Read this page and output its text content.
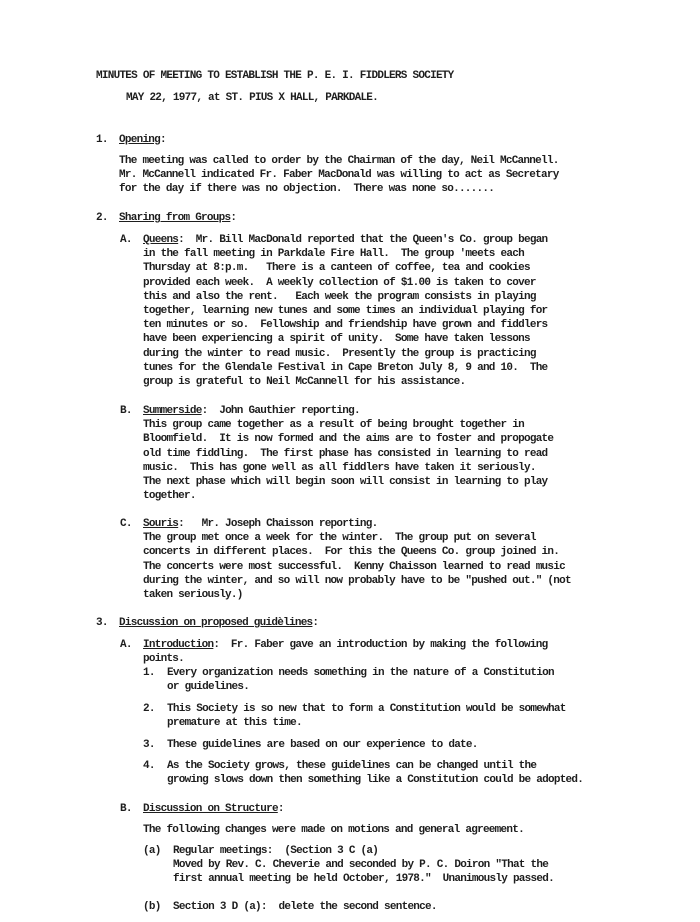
MINUTES OF MEETING TO ESTABLISH THE P. E. I. FIDDLERS SOCIETY
MAY 22, 1977, at ST. PIUS X HALL, PARKDALE.
1. Opening:
The meeting was called to order by the Chairman of the day, Neil McCannell.
Mr. McCannell indicated Fr. Faber MacDonald was willing to act as Secretary
for the day if there was no objection.  There was none so.......
2. Sharing from Groups:
A. Queens:  Mr. Bill MacDonald reported that the Queen's Co. group began
in the fall meeting in Parkdale Fire Hall.  The group 'meets each
Thursday at 8:p.m.   There is a canteen of coffee, tea and cookies
provided each week.  A weekly collection of $1.00 is taken to cover
this and also the rent.   Each week the program consists in playing
together, learning new tunes and some times an individual playing for
ten minutes or so.  Fellowship and friendship have grown and fiddlers
have been experiencing a spirit of unity.  Some have taken lessons
during the winter to read music.  Presently the group is practicing
tunes for the Glendale Festival in Cape Breton July 8, 9 and 10.  The
group is grateful to Neil McCannell for his assistance.
B. Summerside:  John Gauthier reporting.
This group came together as a result of being brought together in
Bloomfield.  It is now formed and the aims are to foster and propogate
old time fiddling.  The first phase has consisted in learning to read
music.  This has gone well as all fiddlers have taken it seriously.
The next phase which will begin soon will consist in learning to play
together.
C. Souris:   Mr. Joseph Chaisson reporting.
The group met once a week for the winter.  The group put on several
concerts in different places.  For this the Queens Co. group joined in.
The concerts were most successful.  Kenny Chaisson learned to read music
during the winter, and so will now probably have to be "pushed out." (not
taken seriously.)
3. Discussion on proposed guidèlines:
A. Introduction:  Fr. Faber gave an introduction by making the following
points.
1. Every organization needs something in the nature of a Constitution
or guidelines.
2. This Society is so new that to form a Constitution would be somewhat
premature at this time.
3. These guidelines are based on our experience to date.
4. As the Society grows, these guidelines can be changed until the
growing slows down then something like a Constitution could be adopted.
B. Discussion on Structure:
The following changes were made on motions and general agreement.
(a) Regular meetings:  (Section 3 C (a)
Moved by Rev. C. Cheverie and seconded by P. C. Doiron "That the
first annual meeting be held October, 1978."  Unanimously passed.
(b) Section 3 D (a):  delete the second sentence.
